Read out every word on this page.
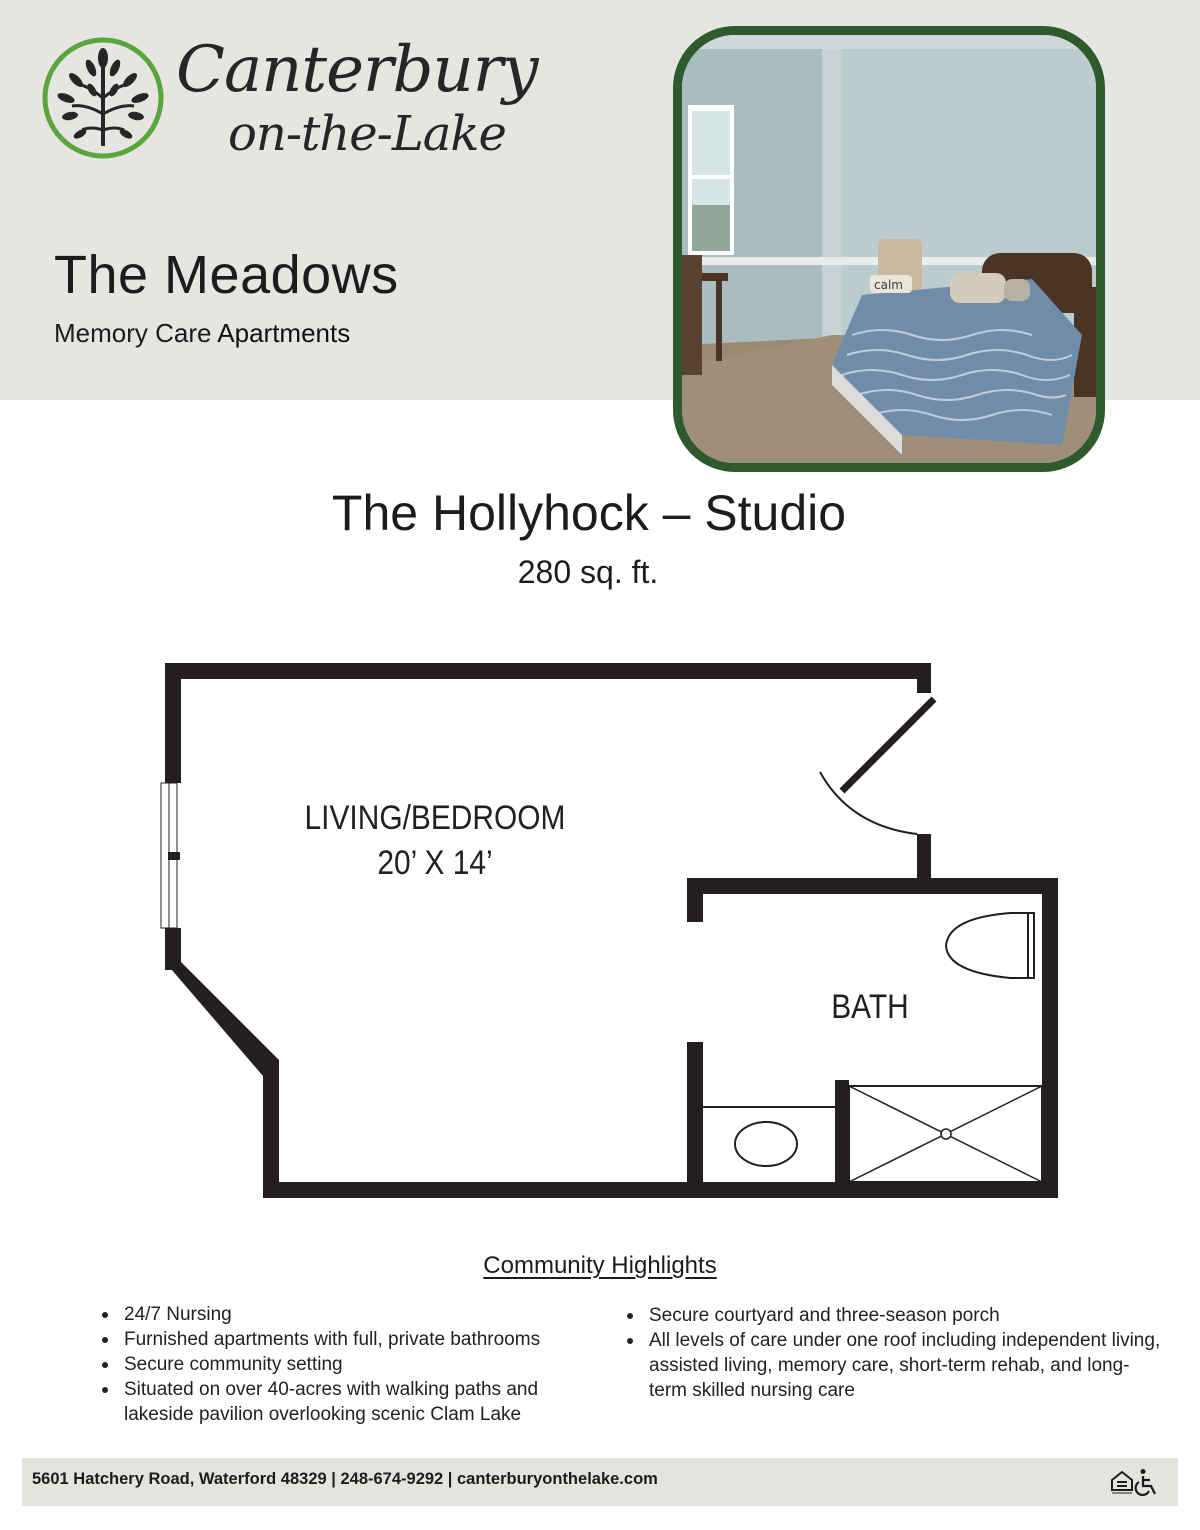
Canterbury
on-the-Lake
The Meadows
Memory Care Apartments
calm
The Hollyhock – Studio
280 sq. ft.
LIVING/BEDROOM
20’ X 14’
BATH
Community Highlights
24/7 Nursing
Furnished apartments with full, private bathrooms
Secure community setting
Situated on over 40-acres with walking paths and lakeside pavilion overlooking scenic Clam Lake
Secure courtyard and three-season porch
All levels of care under one roof including independent living, assisted living, memory care, short-term rehab, and long-term skilled nursing care
5601 Hatchery Road, Waterford 48329 | 248-674-9292 | canterburyonthelake.com
